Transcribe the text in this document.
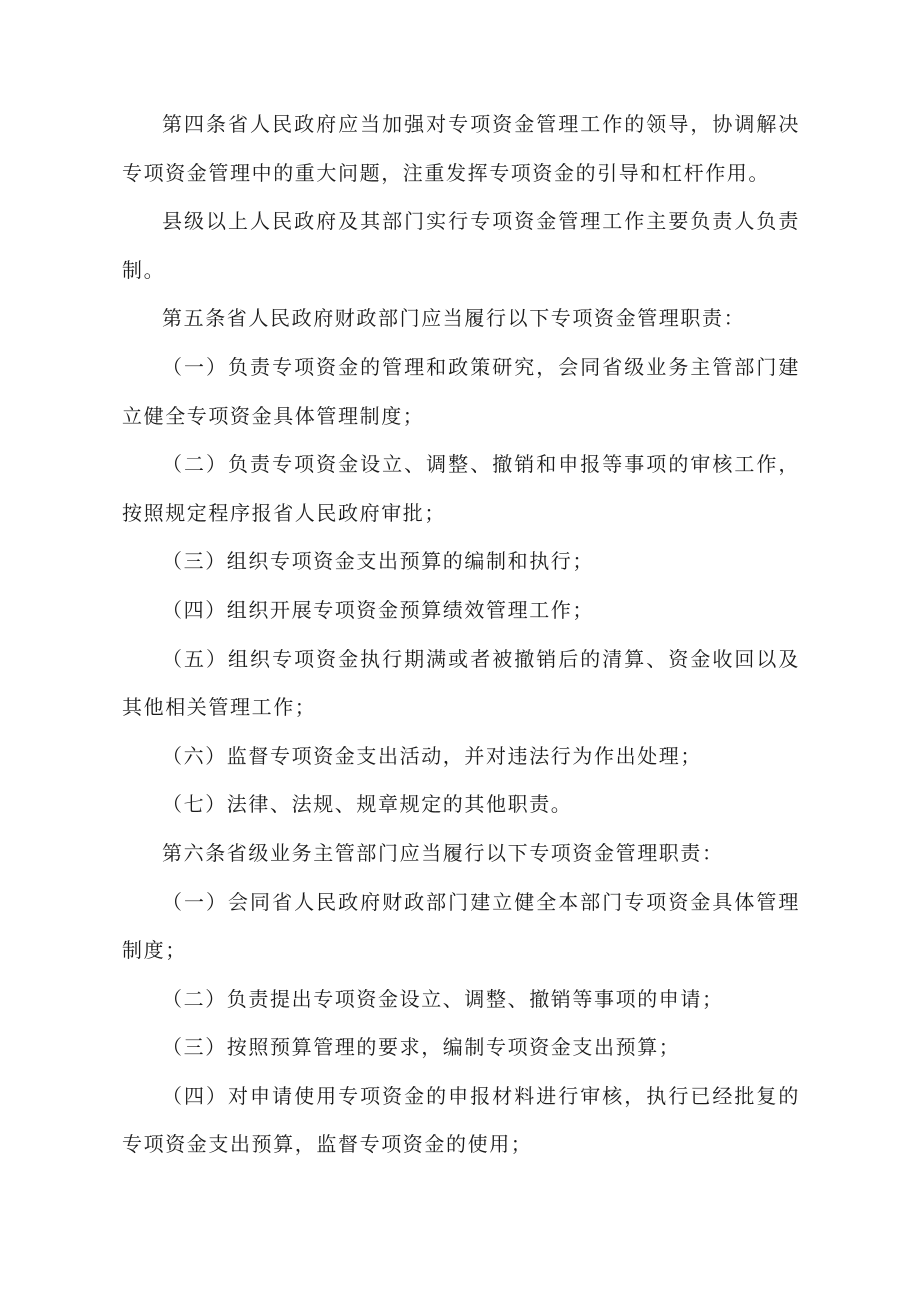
第四条省人民政府应当加强对专项资金管理工作的领导，协调解决专项资金管理中的重大问题，注重发挥专项资金的引导和杠杆作用。

县级以上人民政府及其部门实行专项资金管理工作主要负责人负责制。

第五条省人民政府财政部门应当履行以下专项资金管理职责：

（一）负责专项资金的管理和政策研究，会同省级业务主管部门建立健全专项资金具体管理制度；

（二）负责专项资金设立、调整、撤销和申报等事项的审核工作，按照规定程序报省人民政府审批；

（三）组织专项资金支出预算的编制和执行；

（四）组织开展专项资金预算绩效管理工作；

（五）组织专项资金执行期满或者被撤销后的清算、资金收回以及其他相关管理工作；

（六）监督专项资金支出活动，并对违法行为作出处理；

（七）法律、法规、规章规定的其他职责。

第六条省级业务主管部门应当履行以下专项资金管理职责：

（一）会同省人民政府财政部门建立健全本部门专项资金具体管理制度；

（二）负责提出专项资金设立、调整、撤销等事项的申请；

（三）按照预算管理的要求，编制专项资金支出预算；

（四）对申请使用专项资金的申报材料进行审核，执行已经批复的专项资金支出预算，监督专项资金的使用；
